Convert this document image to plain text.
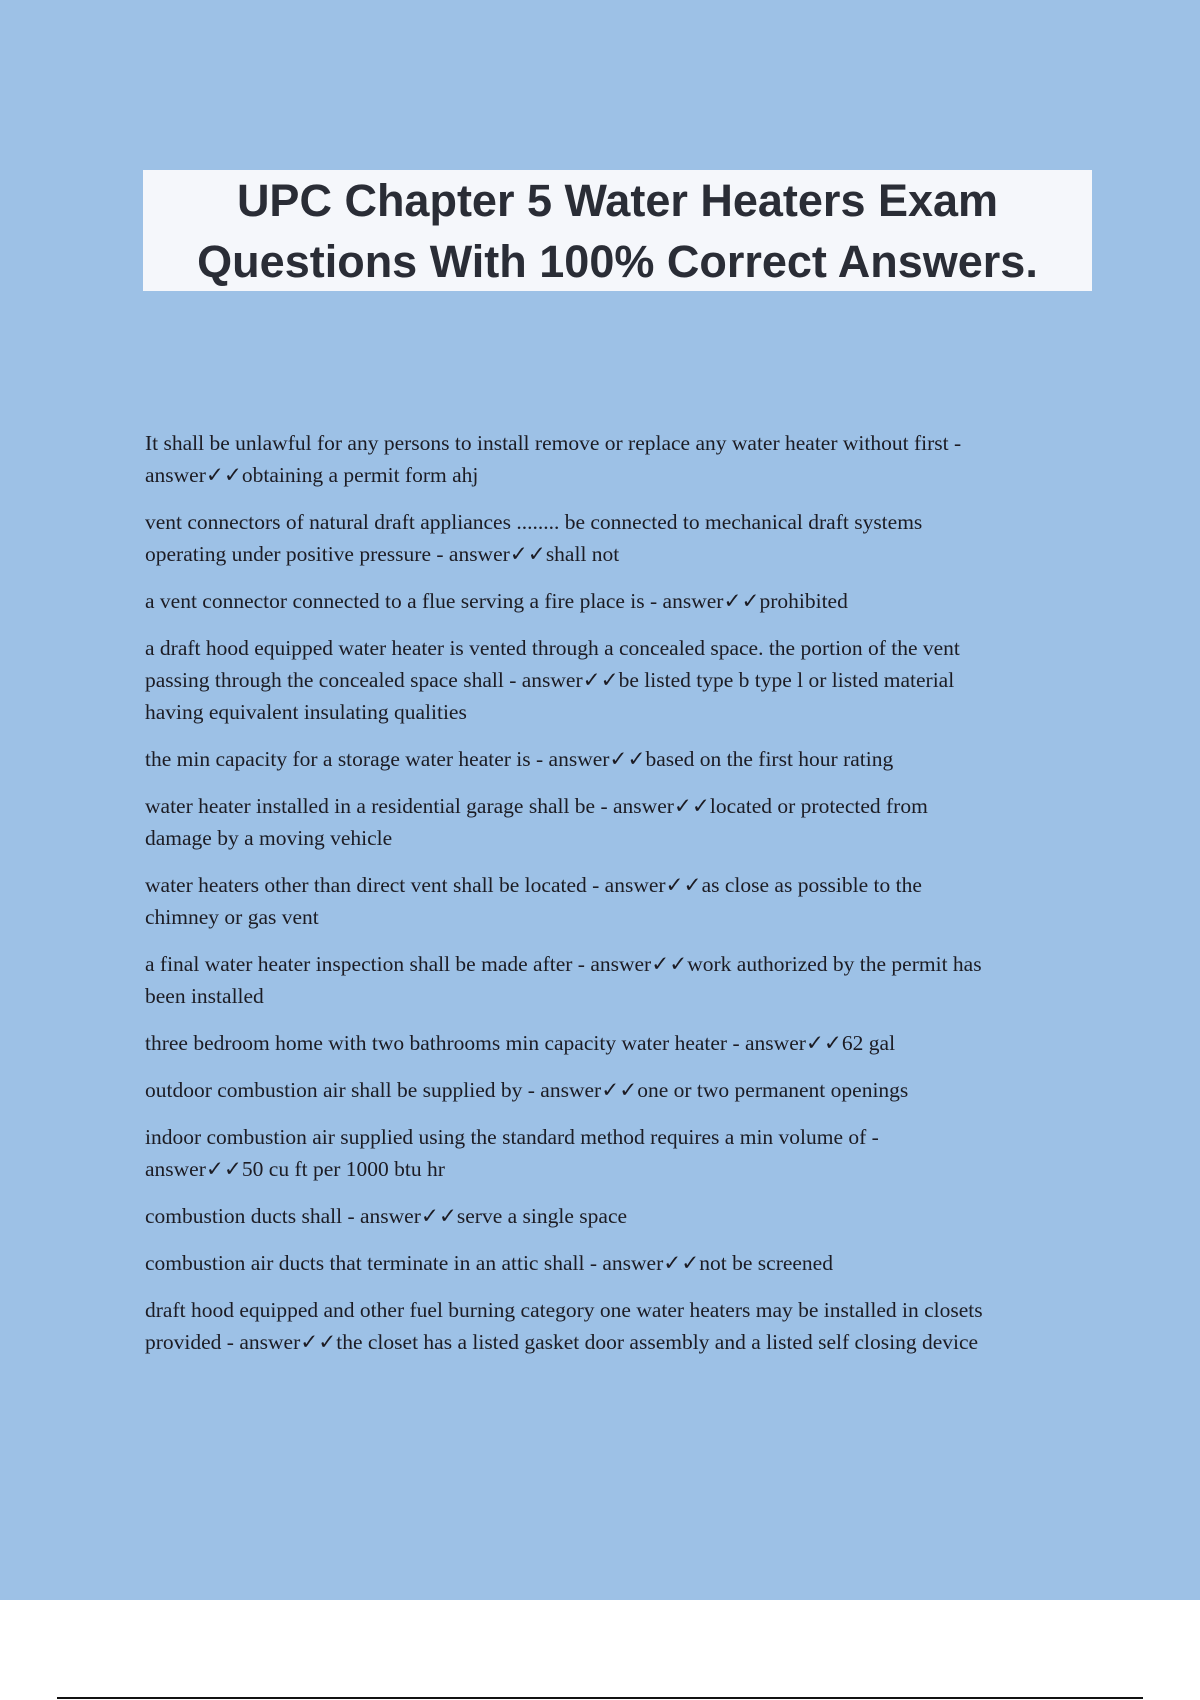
UPC Chapter 5 Water Heaters Exam
Questions With 100% Correct Answers.
It shall be unlawful for any persons to install remove or replace any water heater without first -
answer✓✓obtaining a permit form ahj
vent connectors of natural draft appliances ........ be connected to mechanical draft systems
operating under positive pressure - answer✓✓shall not
a vent connector connected to a flue serving a fire place is - answer✓✓prohibited
a draft hood equipped water heater is vented through a concealed space. the portion of the vent
passing through the concealed space shall - answer✓✓be listed type b type l or listed material
having equivalent insulating qualities
the min capacity for a storage water heater is - answer✓✓based on the first hour rating
water heater installed in a residential garage shall be - answer✓✓located or protected from
damage by a moving vehicle
water heaters other than direct vent shall be located - answer✓✓as close as possible to the
chimney or gas vent
a final water heater inspection shall be made after - answer✓✓work authorized by the permit has
been installed
three bedroom home with two bathrooms min capacity water heater - answer✓✓62 gal
outdoor combustion air shall be supplied by - answer✓✓one or two permanent openings
indoor combustion air supplied using the standard method requires a min volume of -
answer✓✓50 cu ft per 1000 btu hr
combustion ducts shall - answer✓✓serve a single space
combustion air ducts that terminate in an attic shall - answer✓✓not be screened
draft hood equipped and other fuel burning category one water heaters may be installed in closets
provided - answer✓✓the closet has a listed gasket door assembly and a listed self closing device
